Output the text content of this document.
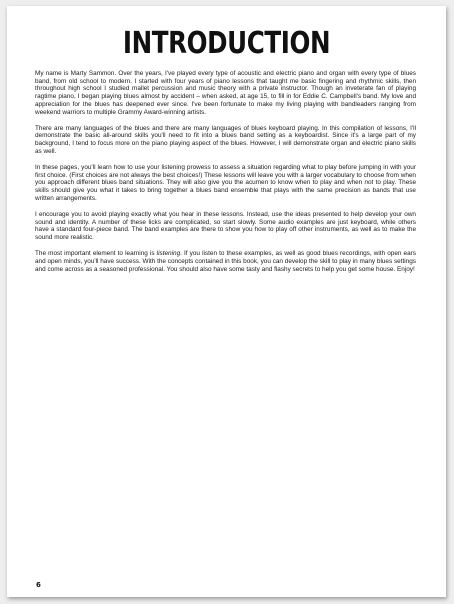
INTRODUCTION

My name is Marty Sammon. Over the years, I've played every type of acoustic and electric piano and organ with every type of blues band, from old school to modern. I started with four years of piano lessons that taught me basic fingering and rhythmic skills, then throughout high school I studied mallet percussion and music theory with a private instructor. Though an inveterate fan of playing ragtime piano, I began playing blues almost by accident – when asked, at age 15, to fill in for Eddie C. Campbell's band. My love and appreciation for the blues has deepened ever since. I've been fortunate to make my living playing with bandleaders ranging from weekend warriors to multiple Grammy Award-winning artists.

There are many languages of the blues and there are many languages of blues keyboard playing. In this compilation of lessons, I'll demonstrate the basic all-around skills you'll need to fit into a blues band setting as a keyboardist. Since it's a large part of my background, I tend to focus more on the piano playing aspect of the blues. However, I will demonstrate organ and electric piano skills as well.

In these pages, you'll learn how to use your listening prowess to assess a situation regarding what to play before jumping in with your first choice. (First choices are not always the best choices!) These lessons will leave you with a larger vocabulary to choose from when you approach different blues band situations. They will also give you the acumen to know when to play and when not to play. These skills should give you what it takes to bring together a blues band ensemble that plays with the same precision as bands that use written arrangements.

I encourage you to avoid playing exactly what you hear in these lessons. Instead, use the ideas presented to help develop your own sound and identity. A number of these licks are complicated, so start slowly. Some audio examples are just keyboard, while others have a standard four-piece band. The band examples are there to show you how to play off other instruments, as well as to make the sound more realistic.

The most important element to learning is listening. If you listen to these examples, as well as good blues recordings, with open ears and open minds, you'll have success. With the concepts contained in this book, you can develop the skill to play in many blues settings and come across as a seasoned professional. You should also have some tasty and flashy secrets to help you get some house. Enjoy!

6
